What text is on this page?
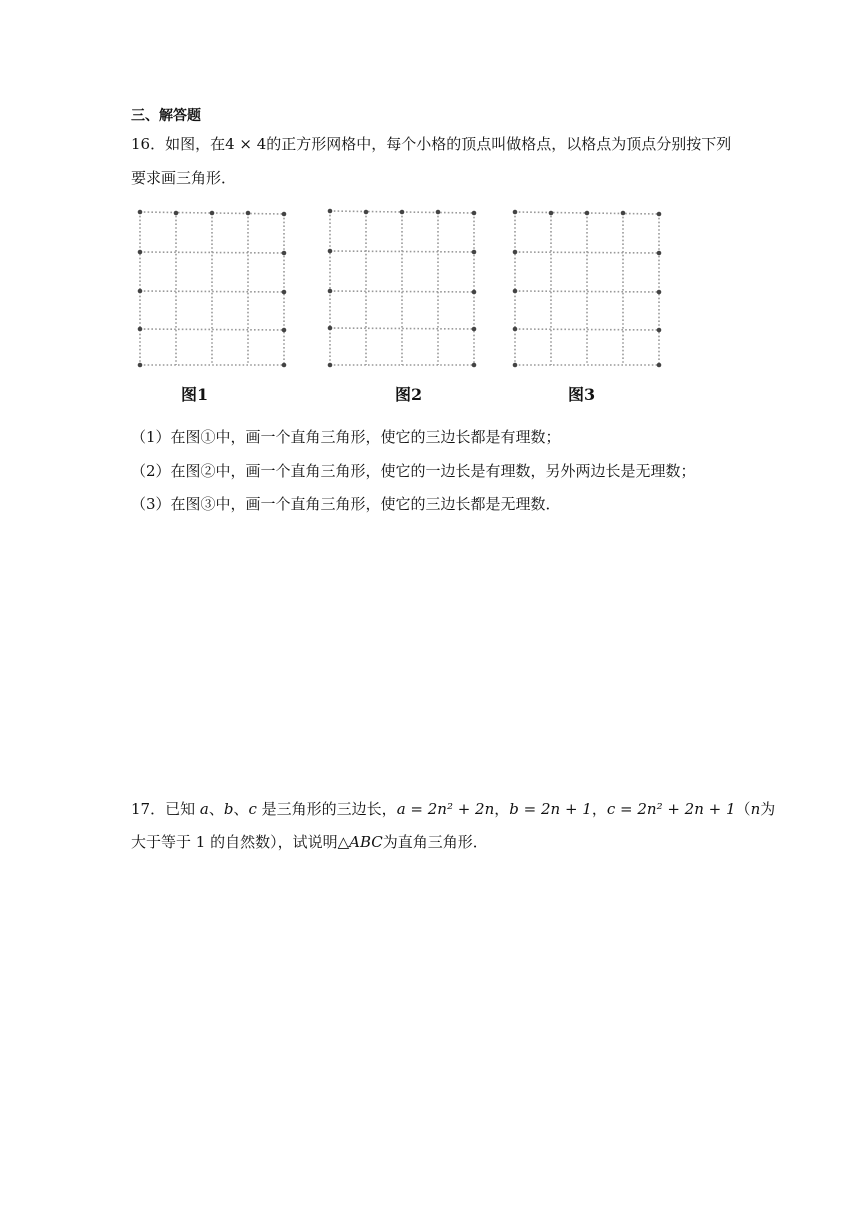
三、解答题
16．如图，在4 × 4的正方形网格中，每个小格的顶点叫做格点，以格点为顶点分别按下列
要求画三角形．
图1	图2	图3
（1）在图①中，画一个直角三角形，使它的三边长都是有理数；
（2）在图②中，画一个直角三角形，使它的一边长是有理数，另外两边长是无理数；
（3）在图③中，画一个直角三角形，使它的三边长都是无理数．
17．已知 a、b、c 是三角形的三边长，a = 2n² + 2n，b = 2n + 1，c = 2n² + 2n + 1（n为
大于等于 1 的自然数），试说明△ABC为直角三角形．
